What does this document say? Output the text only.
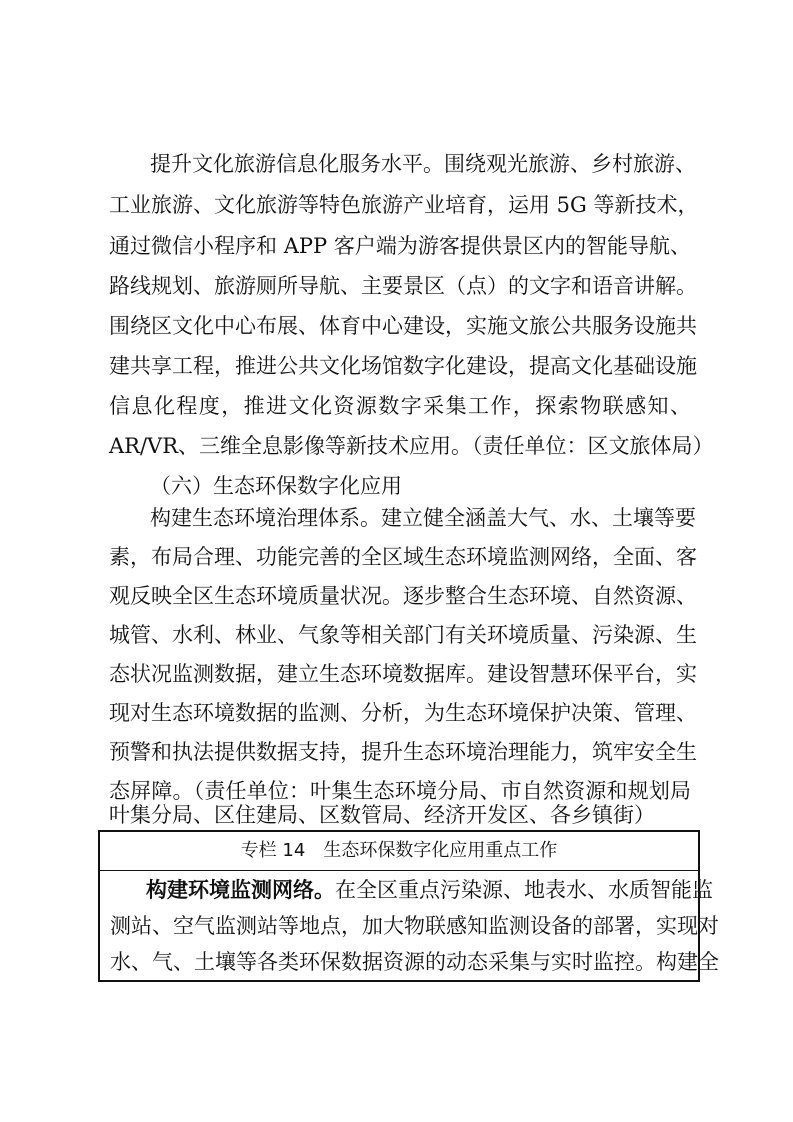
提升文化旅游信息化服务水平。围绕观光旅游、乡村旅游、
工业旅游、文化旅游等特色旅游产业培育，运用 5G 等新技术，
通过微信小程序和 APP 客户端为游客提供景区内的智能导航、
路线规划、旅游厕所导航、主要景区（点）的文字和语音讲解。
围绕区文化中心布展、体育中心建设，实施文旅公共服务设施共
建共享工程，推进公共文化场馆数字化建设，提高文化基础设施
信息化程度，推进文化资源数字采集工作，探索物联感知、
AR/VR、三维全息影像等新技术应用。（责任单位：区文旅体局）
（六）生态环保数字化应用
构建生态环境治理体系。建立健全涵盖大气、水、土壤等要
素，布局合理、功能完善的全区域生态环境监测网络，全面、客
观反映全区生态环境质量状况。逐步整合生态环境、自然资源、
城管、水利、林业、气象等相关部门有关环境质量、污染源、生
态状况监测数据，建立生态环境数据库。建设智慧环保平台，实
现对生态环境数据的监测、分析，为生态环境保护决策、管理、
预警和执法提供数据支持，提升生态环境治理能力，筑牢安全生
态屏障。（责任单位：叶集生态环境分局、市自然资源和规划局
专栏 14　生态环保数字化应用重点工作
构建环境监测网络。在全区重点污染源、地表水、水质智能监
测站、空气监测站等地点，加大物联感知监测设备的部署，实现对
水、气、土壤等各类环保数据资源的动态采集与实时监控。构建全
叶集分局、区住建局、区数管局、经济开发区、各乡镇街）
